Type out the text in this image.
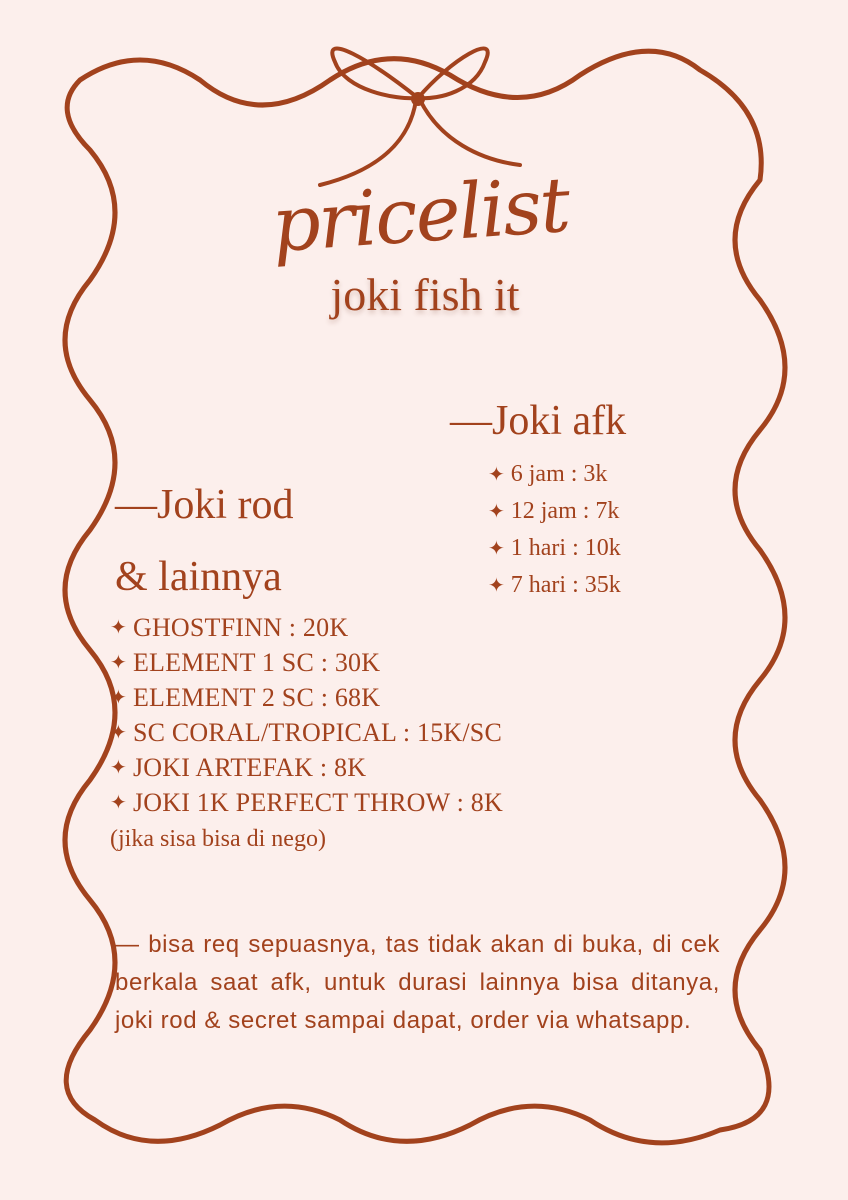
pricelist
joki fish it
—Joki afk
✦ 6 jam : 3k
✦ 12 jam : 7k
✦ 1 hari : 10k
✦ 7 hari : 35k
—Joki rod
& lainnya
✦ GHOSTFINN : 20K
✦ ELEMENT 1 SC : 30K
✦ ELEMENT 2 SC : 68K
✦ SC CORAL/TROPICAL : 15K/SC
✦ JOKI ARTEFAK : 8K
✦ JOKI 1K PERFECT THROW : 8K
(jika sisa bisa di nego)
— bisa req sepuasnya, tas tidak akan di buka, di cek berkala saat afk, untuk durasi lainnya bisa ditanya, joki rod & secret sampai dapat, order via whatsapp.
